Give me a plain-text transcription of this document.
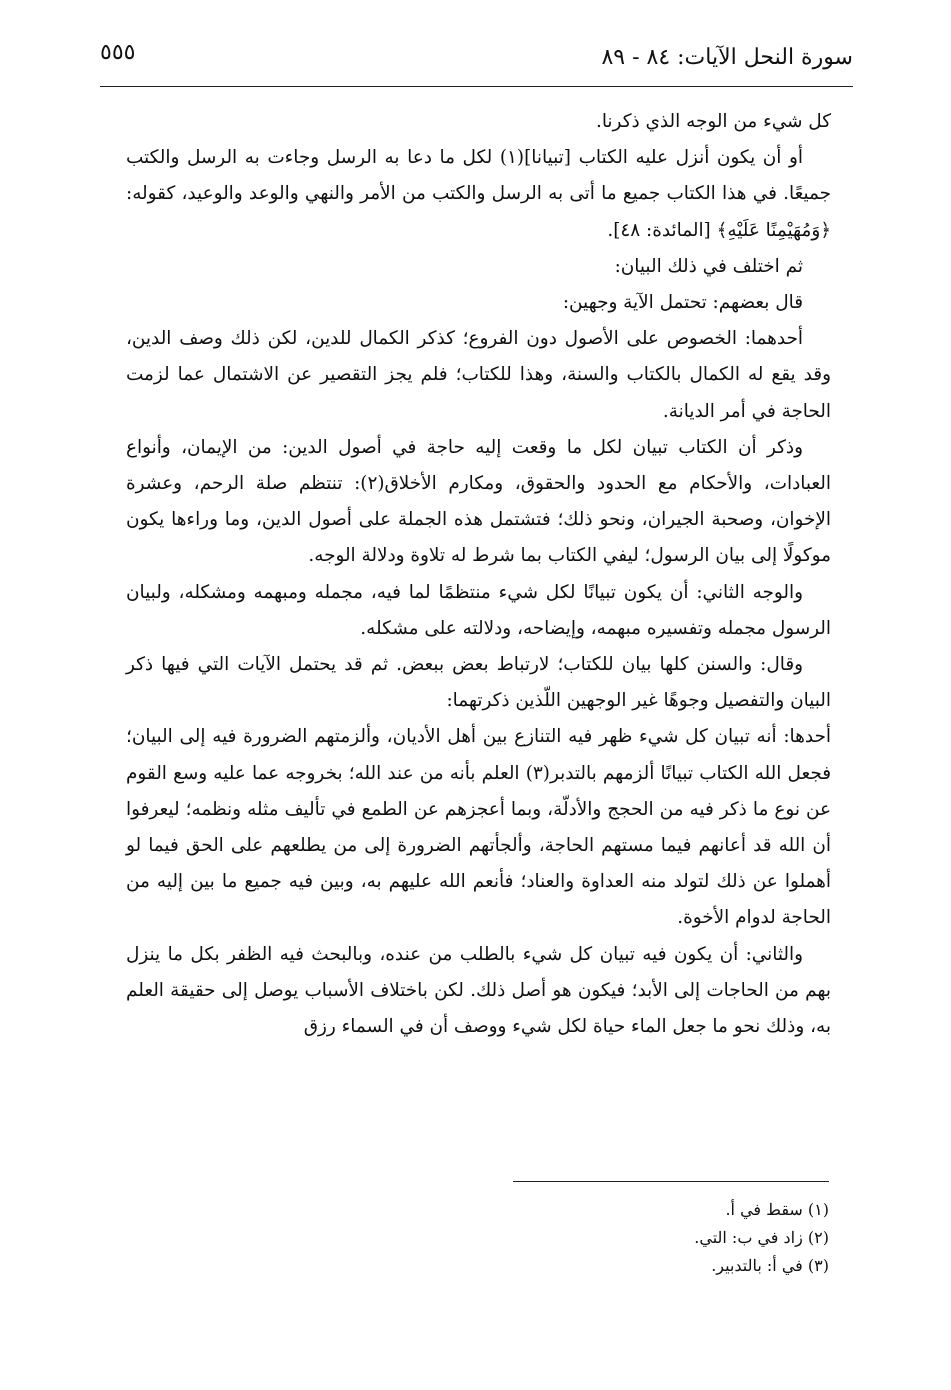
سورة النحل الآيات: ٨٤ - ٨٩
٥٥٥

كل شيء من الوجه الذي ذكرنا.

أو أن يكون أنزل عليه الكتاب [تبيانا](١) لكل ما دعا به الرسل وجاءت به الرسل والكتب جميعًا. في هذا الكتاب جميع ما أتى به الرسل والكتب من الأمر والنهي والوعد والوعيد، كقوله: ﴿وَمُهَيْمِنًا عَلَيْهِ﴾ [المائدة: ٤٨].

ثم اختلف في ذلك البيان:

قال بعضهم: تحتمل الآية وجهين:

أحدهما: الخصوص على الأصول دون الفروع؛ كذكر الكمال للدين، لكن ذلك وصف الدين، وقد يقع له الكمال بالكتاب والسنة، وهذا للكتاب؛ فلم يجز التقصير عن الاشتمال عما لزمت الحاجة في أمر الديانة.

وذكر أن الكتاب تبيان لكل ما وقعت إليه حاجة في أصول الدين: من الإيمان، وأنواع العبادات، والأحكام مع الحدود والحقوق، ومكارم الأخلاق(٢): تنتظم صلة الرحم، وعشرة الإخوان، وصحبة الجيران، ونحو ذلك؛ فتشتمل هذه الجملة على أصول الدين، وما وراءها يكون موكولًا إلى بيان الرسول؛ ليفي الكتاب بما شرط له تلاوة ودلالة الوجه.

والوجه الثاني: أن يكون تبيانًا لكل شيء منتظمًا لما فيه، مجمله ومبهمه ومشكله، ولبيان الرسول مجمله وتفسيره مبهمه، وإيضاحه، ودلالته على مشكله.

وقال: والسنن كلها بيان للكتاب؛ لارتباط بعض ببعض. ثم قد يحتمل الآيات التي فيها ذكر البيان والتفصيل وجوهًا غير الوجهين اللّذين ذكرتهما:

أحدها: أنه تبيان كل شيء ظهر فيه التنازع بين أهل الأديان، وألزمتهم الضرورة فيه إلى البيان؛ فجعل الله الكتاب تبيانًا ألزمهم بالتدبر(٣) العلم بأنه من عند الله؛ بخروجه عما عليه وسع القوم عن نوع ما ذكر فيه من الحجج والأدلّة، وبما أعجزهم عن الطمع في تأليف مثله ونظمه؛ ليعرفوا أن الله قد أعانهم فيما مستهم الحاجة، وألجأتهم الضرورة إلى من يطلعهم على الحق فيما لو أهملوا عن ذلك لتولد منه العداوة والعناد؛ فأنعم الله عليهم به، وبين فيه جميع ما بين إليه من الحاجة لدوام الأخوة.

والثاني: أن يكون فيه تبيان كل شيء بالطلب من عنده، وبالبحث فيه الظفر بكل ما ينزل بهم من الحاجات إلى الأبد؛ فيكون هو أصل ذلك. لكن باختلاف الأسباب يوصل إلى حقيقة العلم به، وذلك نحو ما جعل الماء حياة لكل شيء ووصف أن في السماء رزق

(١) سقط في أ.
(٢) زاد في ب: التي.
(٣) في أ: بالتدبير.
